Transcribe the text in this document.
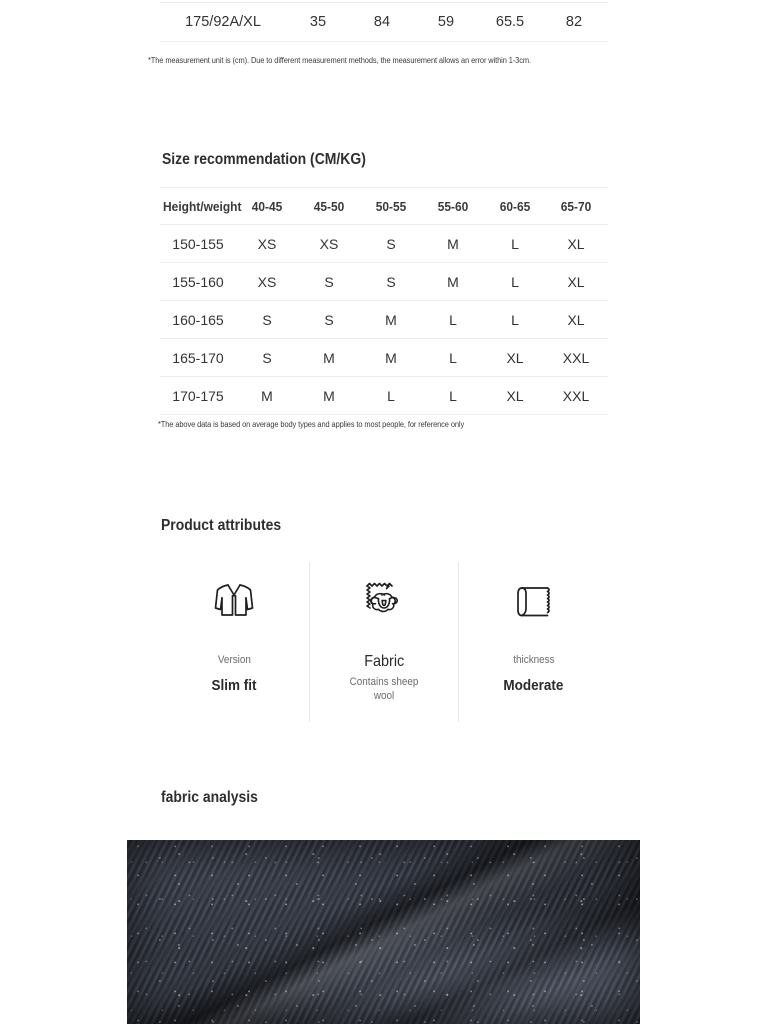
175/92A/XL	35	84	59	65.5	82
*The measurement unit is (cm). Due to different measurement methods, the measurement allows an error within 1-3cm.
Size recommendation (CM/KG)
Height/weight 40-45	45-50	50-55	55-60	60-65	65-70
150-155	XS	XS	S	M	L	XL
155-160	XS	S	S	M	L	XL
160-165	S	S	M	L	L	XL
165-170	S	M	M	L	XL	XXL
170-175	M	M	L	L	XL	XXL
*The above data is based on average body types and applies to most people, for reference only
Product attributes
Version
Slim fit
Fabric
Contains sheep wool
thickness
Moderate
fabric analysis
